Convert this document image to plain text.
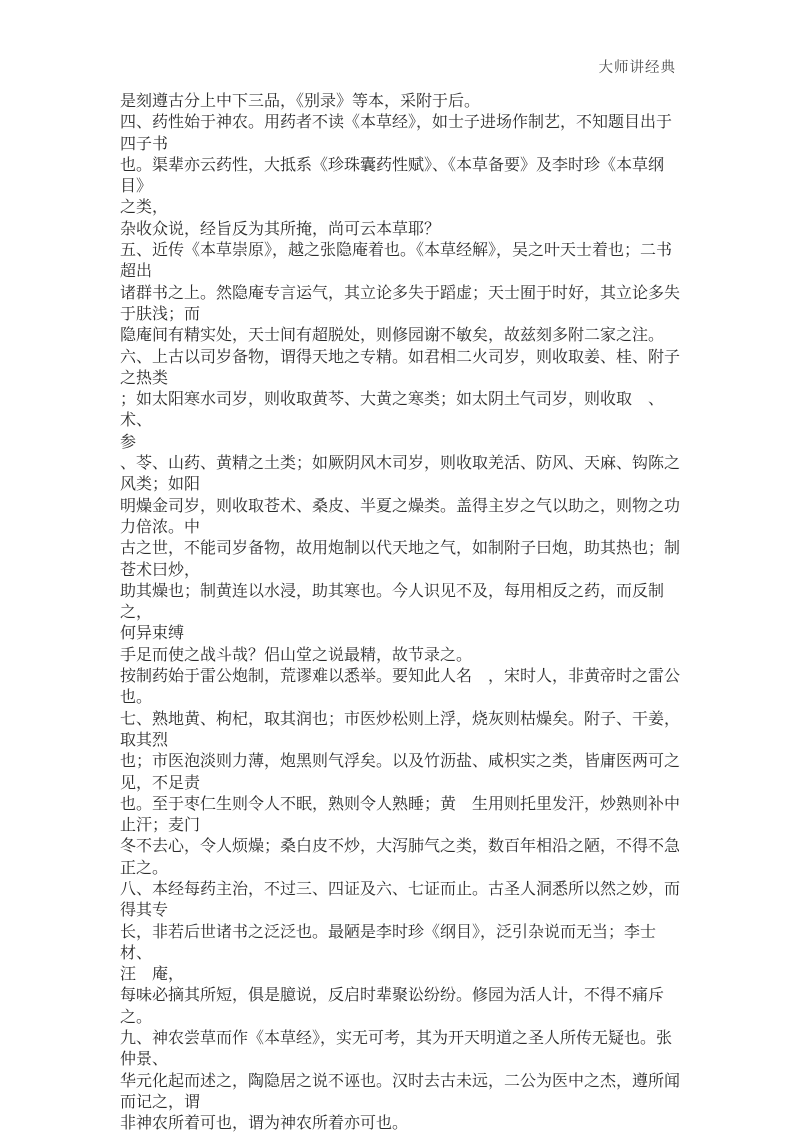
大师讲经典
是刻遵古分上中下三品，《别录》等本，采附于后。
四、药性始于神农。用药者不读《本草经》，如士子进场作制艺，不知题目出于
四子书
也。渠辈亦云药性，大抵系《珍珠囊药性赋》、《本草备要》及李时珍《本草纲目》
之类，
杂收众说，经旨反为其所掩，尚可云本草耶？
五、近传《本草崇原》，越之张隐庵着也。《本草经解》，吴之叶天士着也；二书
超出
诸群书之上。然隐庵专言运气，其立论多失于蹈虚；天士囿于时好，其立论多失
于肤浅；而
隐庵间有精实处，天士间有超脱处，则修园谢不敏矣，故兹刻多附二家之注。
六、上古以司岁备物，谓得天地之专精。如君相二火司岁，则收取姜、桂、附子
之热类
；如太阳寒水司岁，则收取黄芩、大黄之寒类；如太阴土气司岁，则收取　、术、
参
、苓、山药、黄精之土类；如厥阴风木司岁，则收取羌活、防风、天麻、钩陈之
风类；如阳
明燥金司岁，则收取苍术、桑皮、半夏之燥类。盖得主岁之气以助之，则物之功
力倍浓。中
古之世，不能司岁备物，故用炮制以代天地之气，如制附子曰炮，助其热也；制
苍术曰炒，
助其燥也；制黄连以水浸，助其寒也。今人识见不及，每用相反之药，而反制之，
何异束缚
手足而使之战斗哉？侣山堂之说最精，故节录之。
按制药始于雷公炮制，荒谬难以悉举。要知此人名　，宋时人，非黄帝时之雷公
也。
七、熟地黄、枸杞，取其润也；市医炒松则上浮，烧灰则枯燥矣。附子、干姜，
取其烈
也；市医泡淡则力薄，炮黑则气浮矣。以及竹沥盐、咸枳实之类，皆庸医两可之
见，不足责
也。至于枣仁生则令人不眠，熟则令人熟睡；黄　生用则托里发汗，炒熟则补中
止汗；麦门
冬不去心，令人烦燥；桑白皮不炒，大泻肺气之类，数百年相沿之陋，不得不急
正之。
八、本经每药主治，不过三、四证及六、七证而止。古圣人洞悉所以然之妙，而
得其专
长，非若后世诸书之泛泛也。最陋是李时珍《纲目》，泛引杂说而无当；李士材、
汪　庵，
每味必摘其所短，俱是臆说，反启时辈聚讼纷纷。修园为活人计，不得不痛斥之。
九、神农尝草而作《本草经》，实无可考，其为开天明道之圣人所传无疑也。张
仲景、
华元化起而述之，陶隐居之说不诬也。汉时去古未远，二公为医中之杰，遵所闻
而记之，谓
非神农所着可也，谓为神农所着亦可也。
